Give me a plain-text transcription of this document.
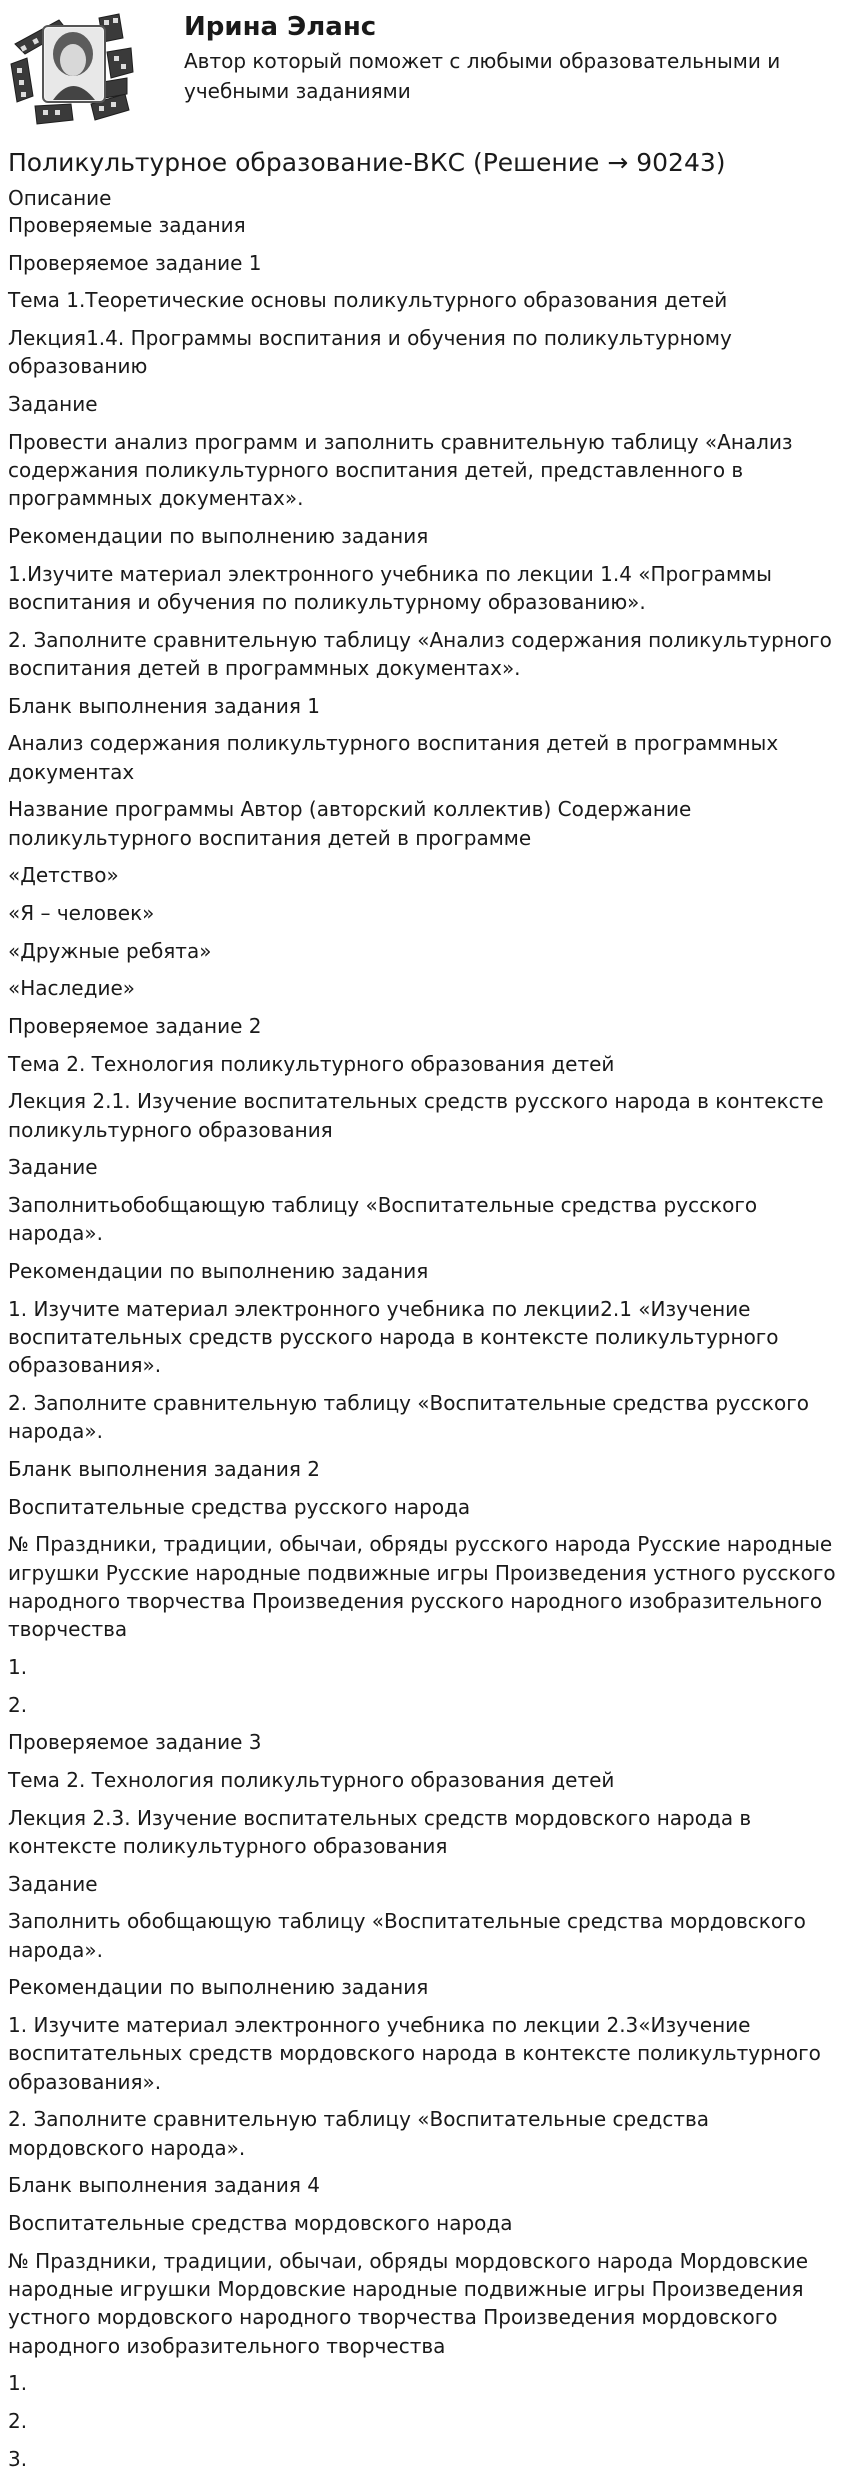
Ирина Эланс
Автор который поможет с любыми образовательными и учебными заданиями
Поликультурное образование-ВКС (Решение → 90243)
Описание

Проверяемые задания

Проверяемое задание 1

Тема 1.Теоретические основы поликультурного образования детей

Лекция1.4. Программы воспитания и обучения по поликультурному образованию

Задание

Провести анализ программ и заполнить сравнительную таблицу «Анализ содержания поликультурного воспитания детей, представленного в программных документах».

Рекомендации по выполнению задания

1.Изучите материал электронного учебника по лекции 1.4 «Программы воспитания и обучения по поликультурному образованию».

2. Заполните сравнительную таблицу «Анализ содержания поликультурного воспитания детей в программных документах».

Бланк выполнения задания 1

Анализ содержания поликультурного воспитания детей в программных документах

Название программы Автор (авторский коллектив) Содержание поликультурного воспитания детей в программе

«Детство»

«Я – человек»

«Дружные ребята»

«Наследие»

Проверяемое задание 2

Тема 2. Технология поликультурного образования детей

Лекция 2.1. Изучение воспитательных средств русского народа в контексте поликультурного образования

Задание

Заполнитьобобщающую таблицу «Воспитательные средства русского народа».

Рекомендации по выполнению задания

1. Изучите материал электронного учебника по лекции2.1 «Изучение воспитательных средств русского народа в контексте поликультурного образования».

2. Заполните сравнительную таблицу «Воспитательные средства русского народа».

Бланк выполнения задания 2

Воспитательные средства русского народа

№ Праздники, традиции, обычаи, обряды русского народа Русские народные игрушки Русские народные подвижные игры Произведения устного русского народного творчества Произведения русского народного изобразительного творчества

1.

2.

Проверяемое задание 3

Тема 2. Технология поликультурного образования детей

Лекция 2.3. Изучение воспитательных средств мордовского народа в контексте поликультурного образования

Задание

Заполнить обобщающую таблицу «Воспитательные средства мордовского народа».

Рекомендации по выполнению задания

1. Изучите материал электронного учебника по лекции 2.3«Изучение воспитательных средств мордовского народа в контексте поликультурного образования».

2. Заполните сравнительную таблицу «Воспитательные средства мордовского народа».

Бланк выполнения задания 4

Воспитательные средства мордовского народа

№ Праздники, традиции, обычаи, обряды мордовского народа Мордовские народные игрушки Мордовские народные подвижные игры Произведения устного мордовского народного творчества Произведения мордовского народного изобразительного творчества

1.

2.

3.
